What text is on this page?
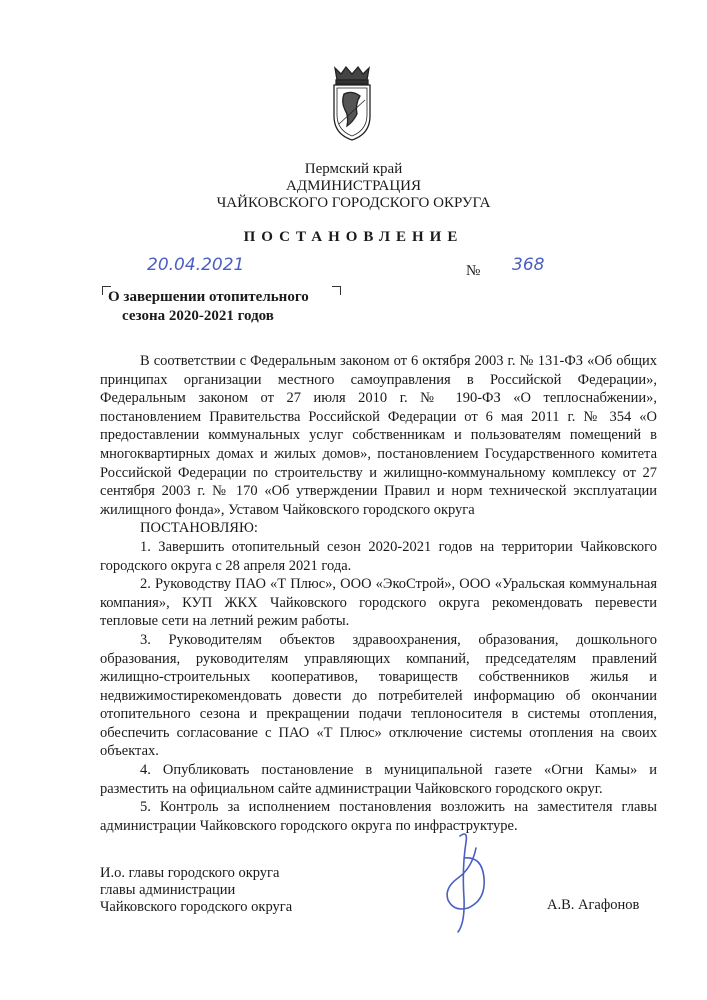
Пермский край
АДМИНИСТРАЦИЯ
ЧАЙКОВСКОГО ГОРОДСКОГО ОКРУГА
ПОСТАНОВЛЕНИЕ
20.04.2021	№ 368
О завершении отопительного
сезона 2020-2021 годов

В соответствии с Федеральным законом от 6 октября 2003 г. № 131-ФЗ «Об общих принципах организации местного самоуправления в Российской Федерации», Федеральным законом от 27 июля 2010 г. № 190-ФЗ «О теплоснабжении», постановлением Правительства Российской Федерации от 6 мая 2011 г. № 354 «О предоставлении коммунальных услуг собственникам и пользователям помещений в многоквартирных домах и жилых домов», постановлением Государственного комитета Российской Федерации по строительству и жилищно-коммунальному комплексу от 27 сентября 2003 г. № 170 «Об утверждении Правил и норм технической эксплуатации жилищного фонда», Уставом Чайковского городского округа

ПОСТАНОВЛЯЮ:

1. Завершить отопительный сезон 2020-2021 годов на территории Чайковского городского округа с 28 апреля 2021 года.

2. Руководству ПАО «Т Плюс», ООО «ЭкоСтрой», ООО «Уральская коммунальная компания», КУП ЖКХ Чайковского городского округа рекомендовать перевести тепловые сети на летний режим работы.

3. Руководителям объектов здравоохранения, образования, дошкольного образования, руководителям управляющих компаний, председателям правлений жилищно-строительных кооперативов, товариществ собственников жилья и недвижимостирекомендовать довести до потребителей информацию об окончании отопительного сезона и прекращении подачи теплоносителя в системы отопления, обеспечить согласование с ПАО «Т Плюс» отключение системы отопления на своих объектах.

4. Опубликовать постановление в муниципальной газете «Огни Камы» и разместить на официальном сайте администрации Чайковского городского округ.

5. Контроль за исполнением постановления возложить на заместителя главы администрации Чайковского городского округа по инфраструктуре.

И.о. главы городского округа
главы администрации
Чайковского городского округа	А.В. Агафонов
